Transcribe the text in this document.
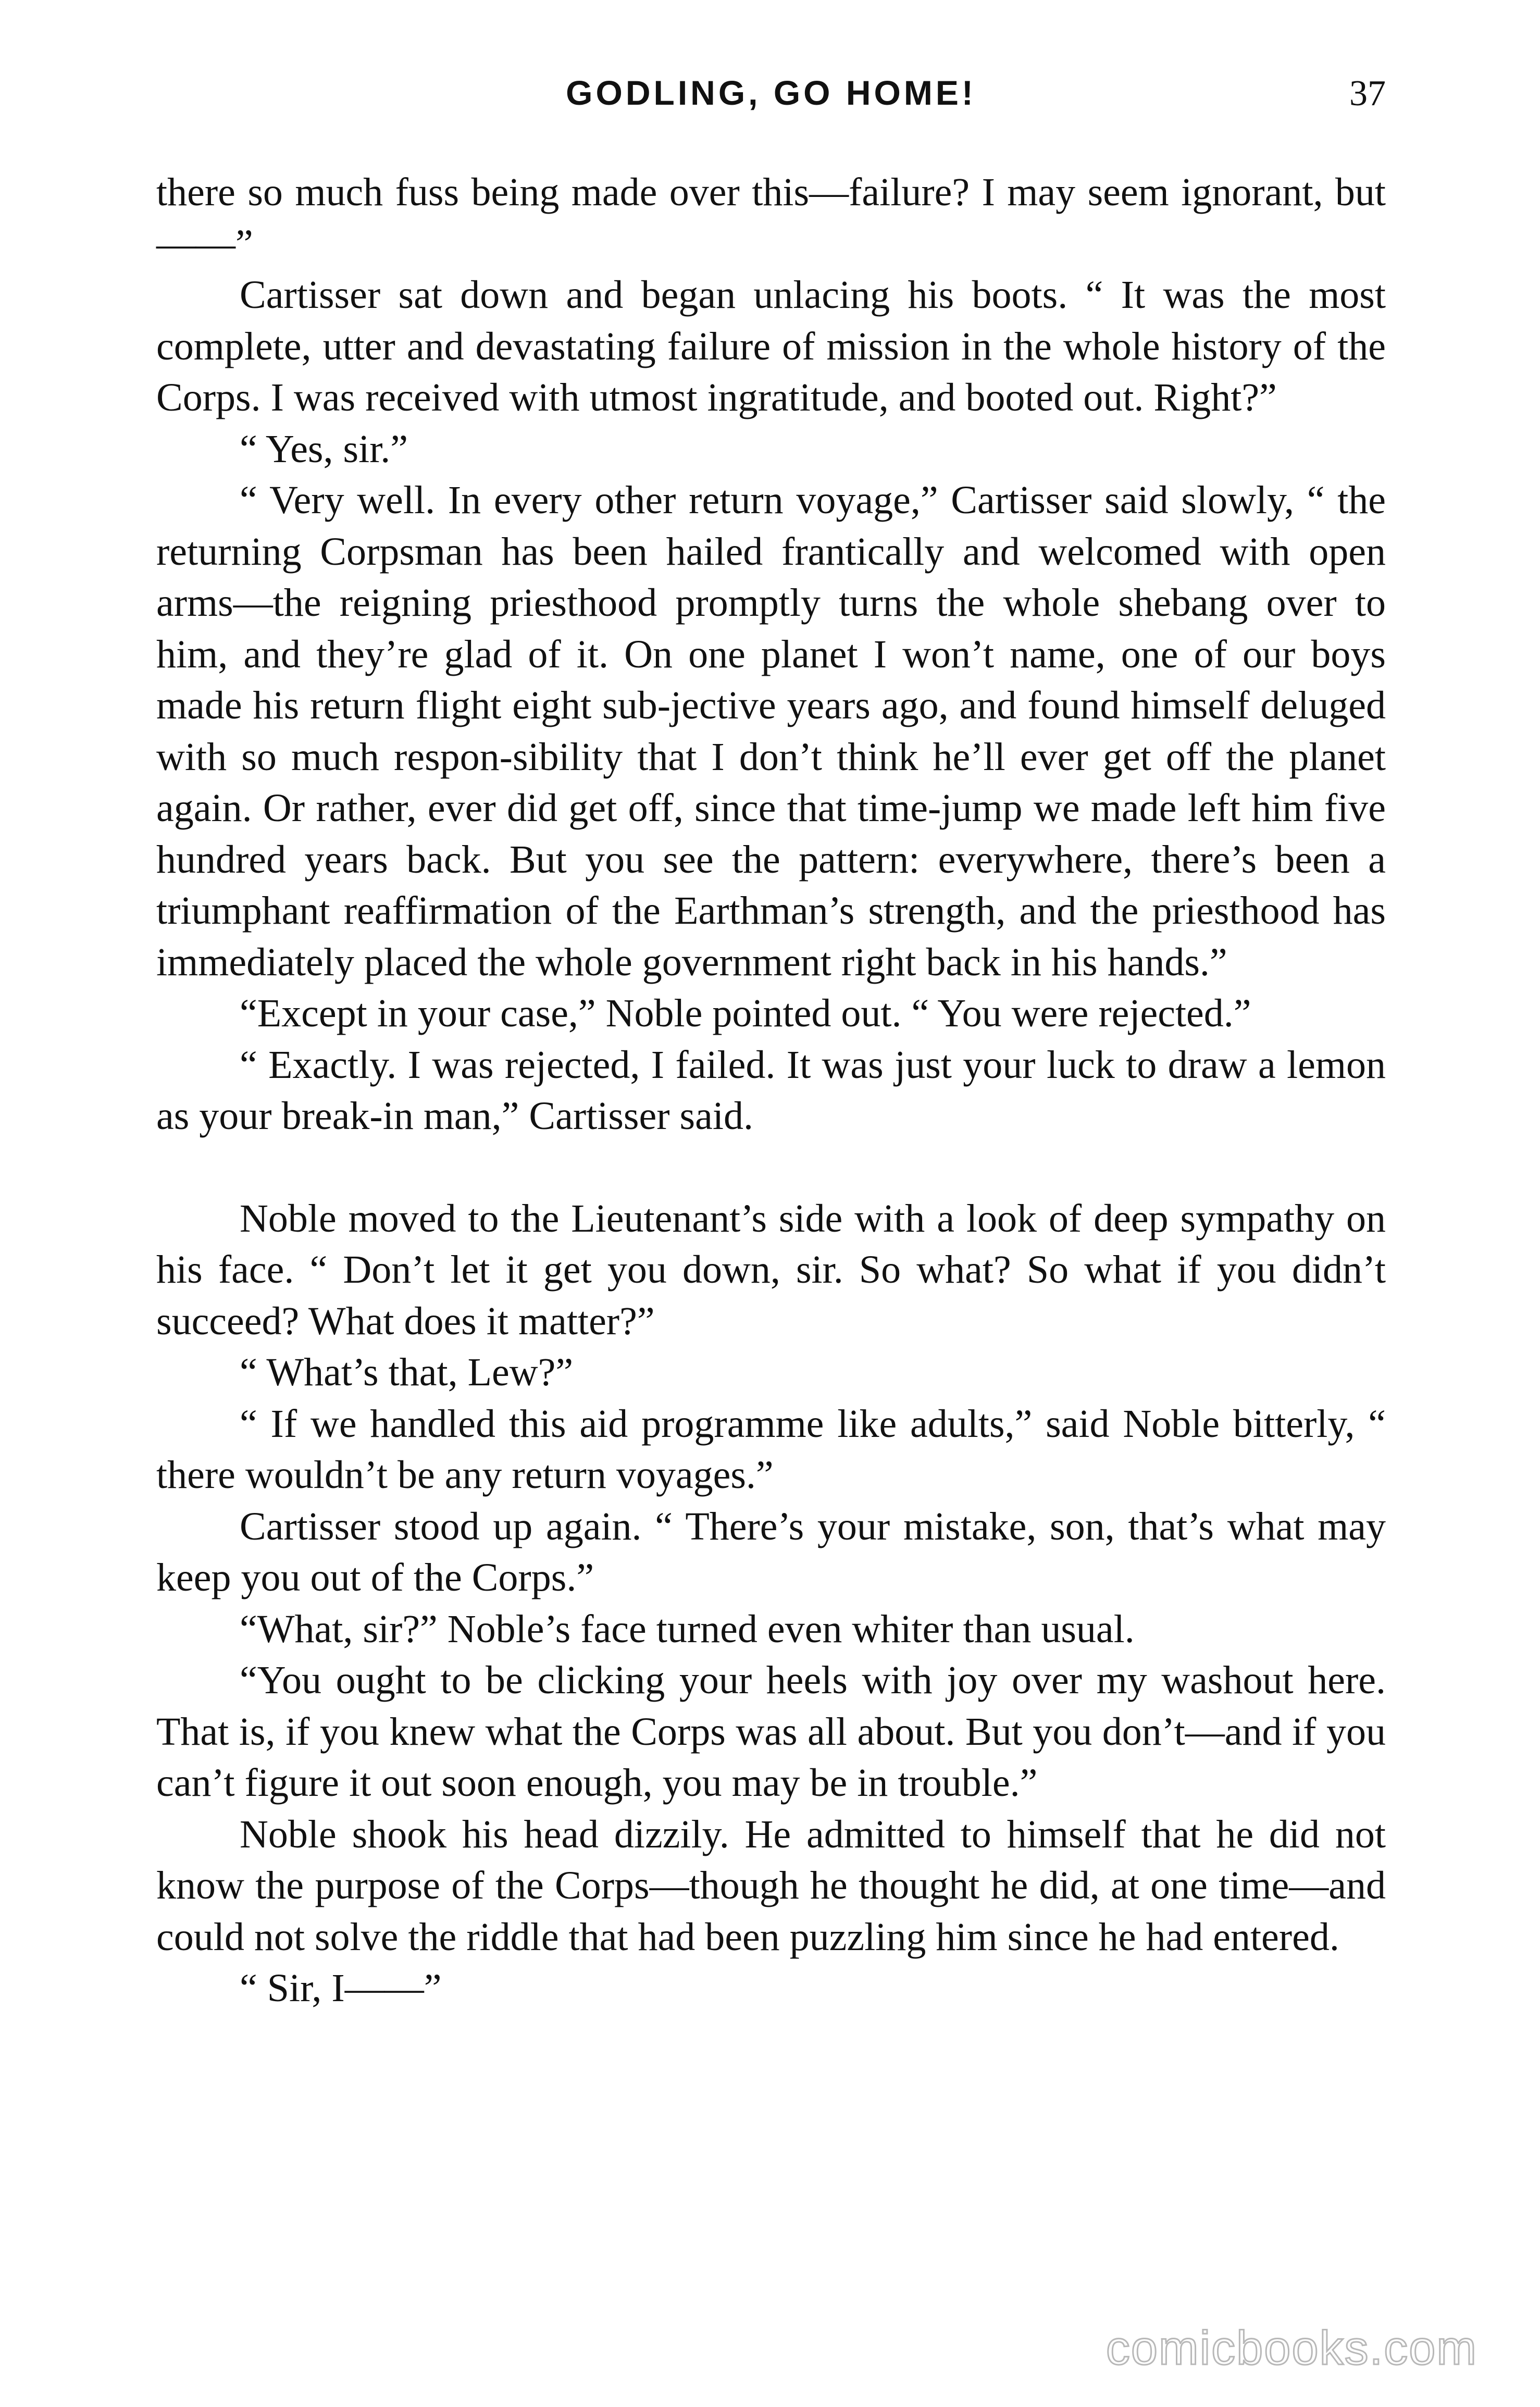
GODLING, GO HOME!	37

there so much fuss being made over this—failure? I may seem ignorant, but——”

Cartisser sat down and began unlacing his boots. “ It was the most complete, utter and devastating failure of mission in the whole history of the Corps. I was received with utmost ingratitude, and booted out. Right?”

“ Yes, sir.”

“ Very well. In every other return voyage,” Cartisser said slowly, “ the returning Corpsman has been hailed frantically and welcomed with open arms—the reigning priesthood promptly turns the whole shebang over to him, and they’re glad of it. On one planet I won’t name, one of our boys made his return flight eight sub-jective years ago, and found himself deluged with so much respon-sibility that I don’t think he’ll ever get off the planet again. Or rather, ever did get off, since that time-jump we made left him five hundred years back. But you see the pattern: everywhere, there’s been a triumphant reaffirmation of the Earthman’s strength, and the priesthood has immediately placed the whole government right back in his hands.”

“Except in your case,” Noble pointed out. “ You were rejected.”

“ Exactly. I was rejected, I failed. It was just your luck to draw a lemon as your break-in man,” Cartisser said.

Noble moved to the Lieutenant’s side with a look of deep sympathy on his face. “ Don’t let it get you down, sir. So what? So what if you didn’t succeed? What does it matter?”

“ What’s that, Lew?”

“ If we handled this aid programme like adults,” said Noble bitterly, “ there wouldn’t be any return voyages.”

Cartisser stood up again. “ There’s your mistake, son, that’s what may keep you out of the Corps.”

“What, sir?” Noble’s face turned even whiter than usual.

“You ought to be clicking your heels with joy over my washout here. That is, if you knew what the Corps was all about. But you don’t—and if you can’t figure it out soon enough, you may be in trouble.”

Noble shook his head dizzily. He admitted to himself that he did not know the purpose of the Corps—though he thought he did, at one time—and could not solve the riddle that had been puzzling him since he had entered.

“ Sir, I——”

comicbooks.com
